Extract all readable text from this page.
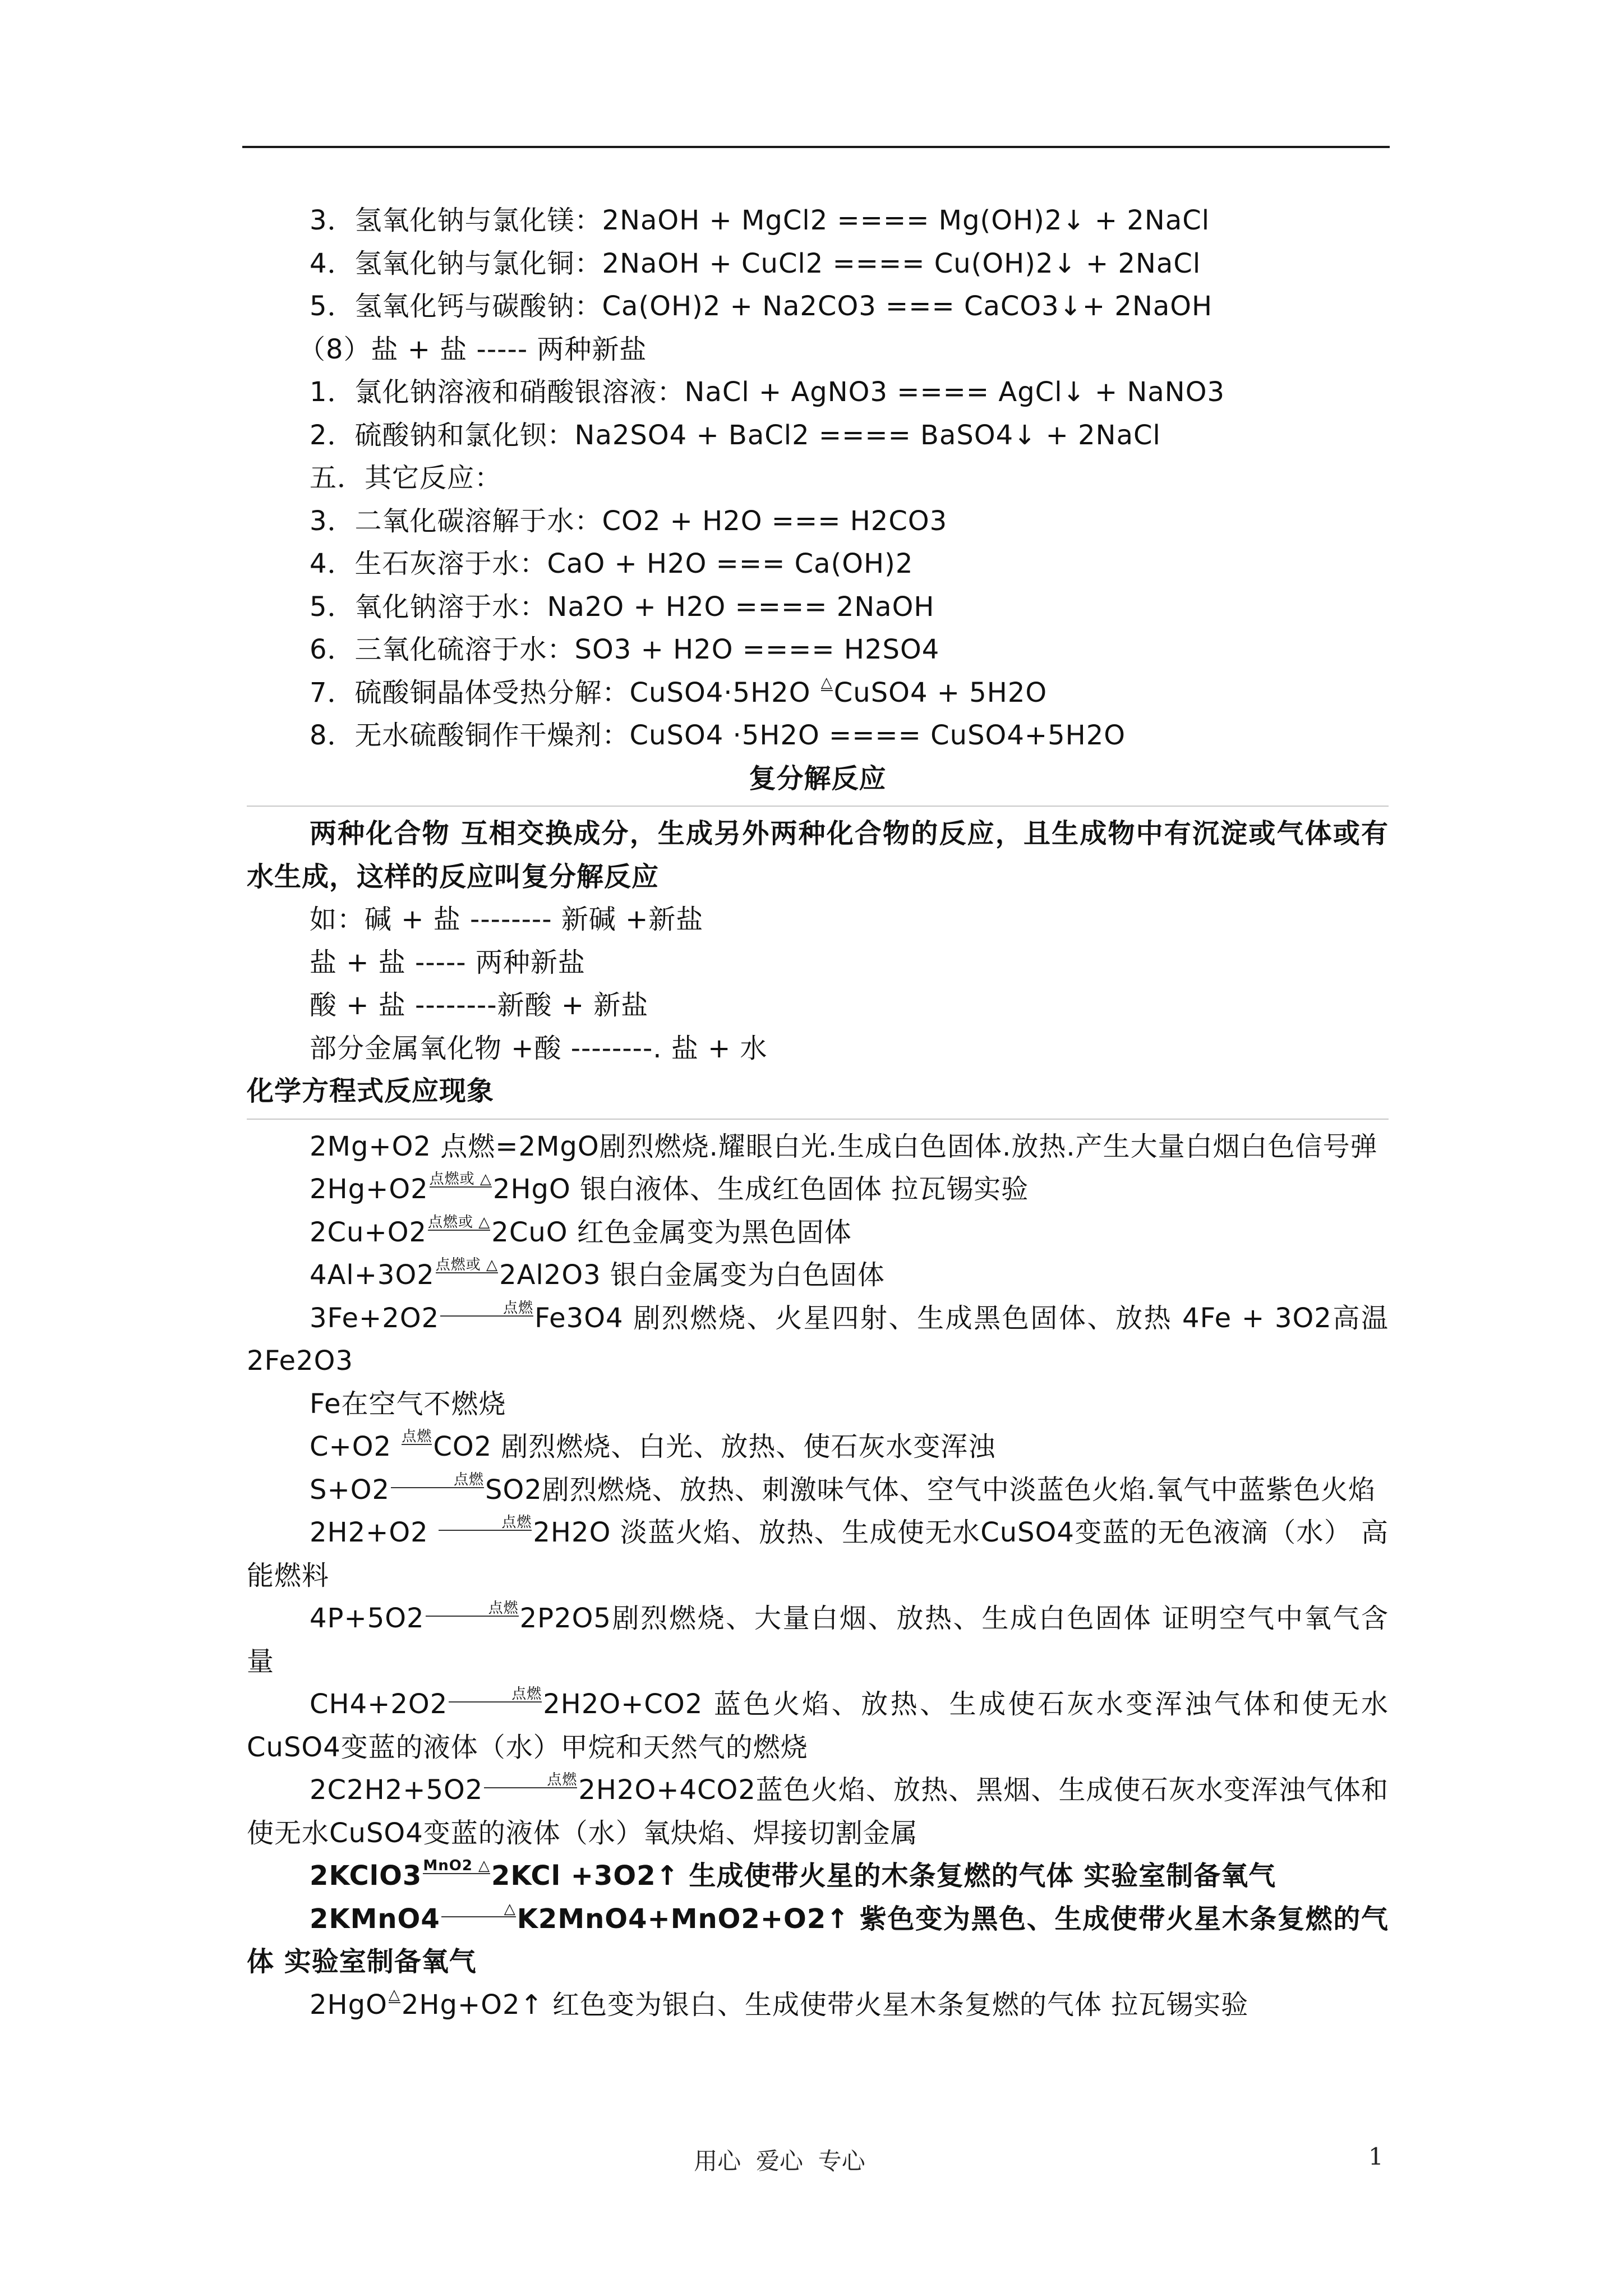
3．氢氧化钠与氯化镁：2NaOH + MgCl2 ==== Mg(OH)2↓ + 2NaCl
4．氢氧化钠与氯化铜：2NaOH + CuCl2 ==== Cu(OH)2↓ + 2NaCl
5．氢氧化钙与碳酸钠：Ca(OH)2 + Na2CO3 === CaCO3↓+ 2NaOH
（8）盐 + 盐 ----- 两种新盐
1．氯化钠溶液和硝酸银溶液：NaCl + AgNO3 ==== AgCl↓ + NaNO3
2．硫酸钠和氯化钡：Na2SO4 + BaCl2 ==== BaSO4↓ + 2NaCl
五．其它反应：
3．二氧化碳溶解于水：CO2 + H2O === H2CO3
4．生石灰溶于水：CaO + H2O === Ca(OH)2
5．氧化钠溶于水：Na2O + H2O ==== 2NaOH
6．三氧化硫溶于水：SO3 + H2O ==== H2SO4
7．硫酸铜晶体受热分解：CuSO4·5H2O △CuSO4 + 5H2O
8．无水硫酸铜作干燥剂：CuSO4 ·5H2O ==== CuSO4+5H2O
复分解反应
两种化合物 互相交换成分，生成另外两种化合物的反应，且生成物中有沉淀或气体或有水生成，这样的反应叫复分解反应
如：碱 + 盐 -------- 新碱 +新盐
盐 + 盐 ----- 两种新盐
酸 + 盐 --------新酸 + 新盐
部分金属氧化物 +酸 --------. 盐 + 水
化学方程式反应现象
2Mg+O2 点燃=2MgO剧烈燃烧.耀眼白光.生成白色固体.放热.产生大量白烟白色信号弹
2Hg+O2点燃或 △2HgO 银白液体、生成红色固体 拉瓦锡实验
2Cu+O2点燃或 △2CuO 红色金属变为黑色固体
4Al+3O2点燃或 △2Al2O3 银白金属变为白色固体
3Fe+2O2	点燃Fe3O4 剧烈燃烧、火星四射、生成黑色固体、放热 4Fe + 3O2高温2Fe2O3
Fe在空气不燃烧
C+O2 点燃CO2 剧烈燃烧、白光、放热、使石灰水变浑浊
S+O2	点燃SO2剧烈燃烧、放热、刺激味气体、空气中淡蓝色火焰.氧气中蓝紫色火焰
2H2+O2	点燃2H2O 淡蓝火焰、放热、生成使无水CuSO4变蓝的无色液滴（水） 高能燃料
4P+5O2	点燃2P2O5剧烈燃烧、大量白烟、放热、生成白色固体 证明空气中氧气含量
CH4+2O2	点燃2H2O+CO2 蓝色火焰、放热、生成使石灰水变浑浊气体和使无水CuSO4变蓝的液体（水）甲烷和天然气的燃烧
2C2H2+5O2	点燃2H2O+4CO2蓝色火焰、放热、黑烟、生成使石灰水变浑浊气体和使无水CuSO4变蓝的液体（水）氧炔焰、焊接切割金属
2KClO3MnO2 △2KCl +3O2↑ 生成使带火星的木条复燃的气体 实验室制备氧气
2KMnO4	△K2MnO4+MnO2+O2↑ 紫色变为黑色、生成使带火星木条复燃的气体 实验室制备氧气
2HgO△2Hg+O2↑ 红色变为银白、生成使带火星木条复燃的气体 拉瓦锡实验
用心  爱心  专心	1
